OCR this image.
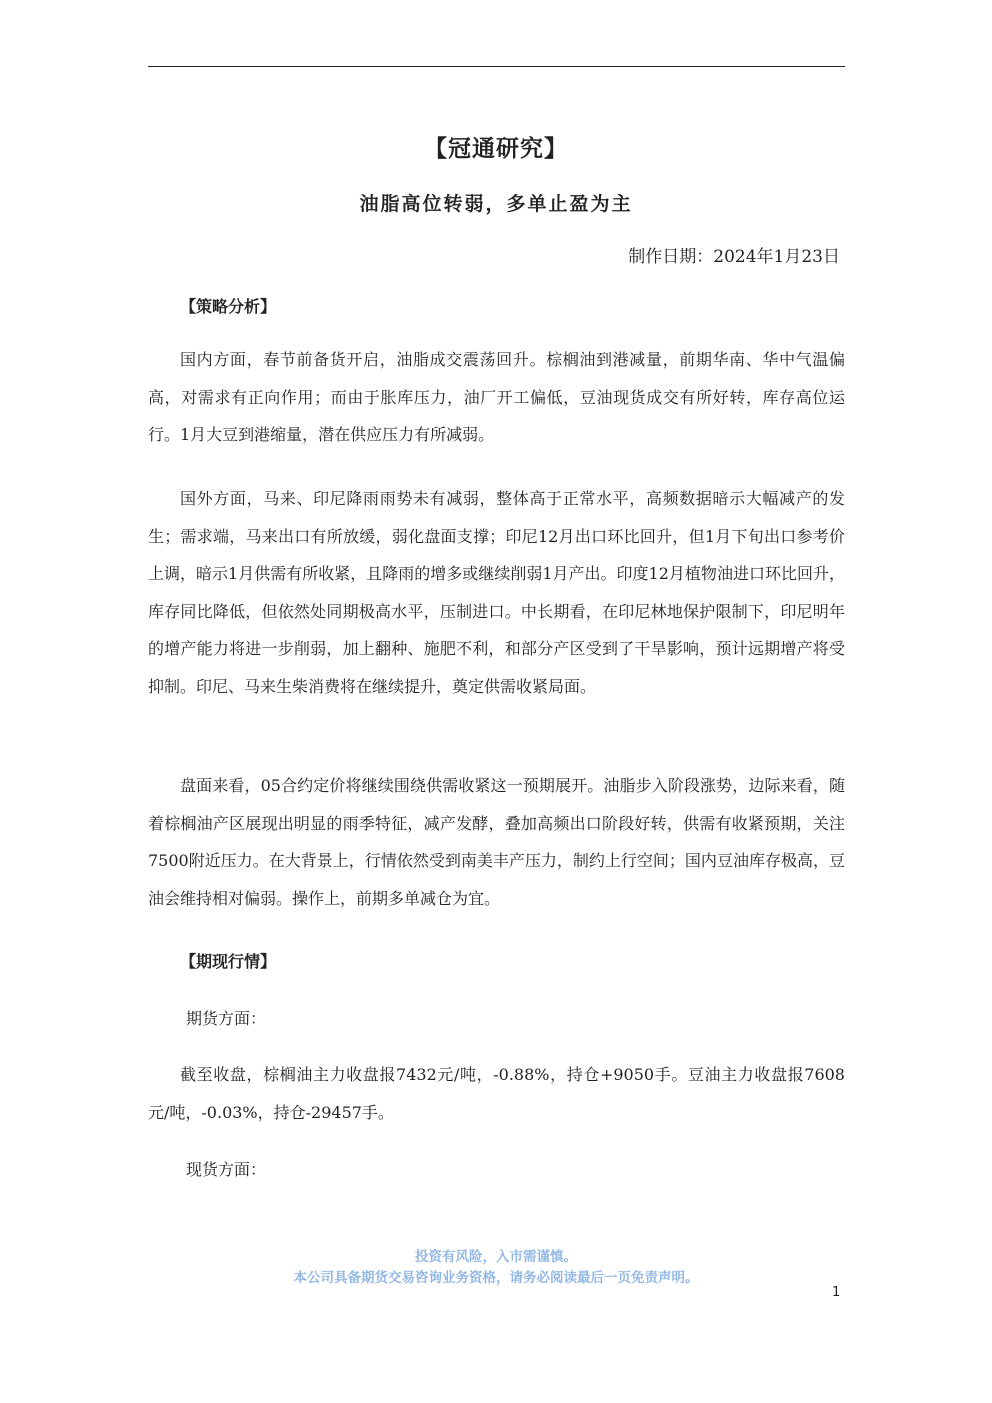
【冠通研究】
油脂高位转弱，多单止盈为主
制作日期：2024年1月23日
【策略分析】
国内方面，春节前备货开启，油脂成交震荡回升。棕榈油到港减量，前期华南、华中气温偏高，对需求有正向作用；而由于胀库压力，油厂开工偏低，豆油现货成交有所好转，库存高位运行。1月大豆到港缩量，潜在供应压力有所减弱。
国外方面，马来、印尼降雨雨势未有减弱，整体高于正常水平，高频数据暗示大幅减产的发生；需求端，马来出口有所放缓，弱化盘面支撑；印尼12月出口环比回升，但1月下旬出口参考价上调，暗示1月供需有所收紧，且降雨的增多或继续削弱1月产出。印度12月植物油进口环比回升，库存同比降低，但依然处同期极高水平，压制进口。中长期看，在印尼林地保护限制下，印尼明年的增产能力将进一步削弱，加上翻种、施肥不利，和部分产区受到了干旱影响，预计远期增产将受抑制。印尼、马来生柴消费将在继续提升，奠定供需收紧局面。
盘面来看，05合约定价将继续围绕供需收紧这一预期展开。油脂步入阶段涨势，边际来看，随着棕榈油产区展现出明显的雨季特征，减产发酵，叠加高频出口阶段好转，供需有收紧预期，关注7500附近压力。在大背景上，行情依然受到南美丰产压力，制约上行空间；国内豆油库存极高，豆油会维持相对偏弱。操作上，前期多单减仓为宜。
【期现行情】
期货方面：
截至收盘，棕榈油主力收盘报7432元/吨，-0.88%，持仓+9050手。豆油主力收盘报7608元/吨，-0.03%，持仓-29457手。
现货方面：
投资有风险，入市需谨慎。
本公司具备期货交易咨询业务资格，请务必阅读最后一页免责声明。
1
